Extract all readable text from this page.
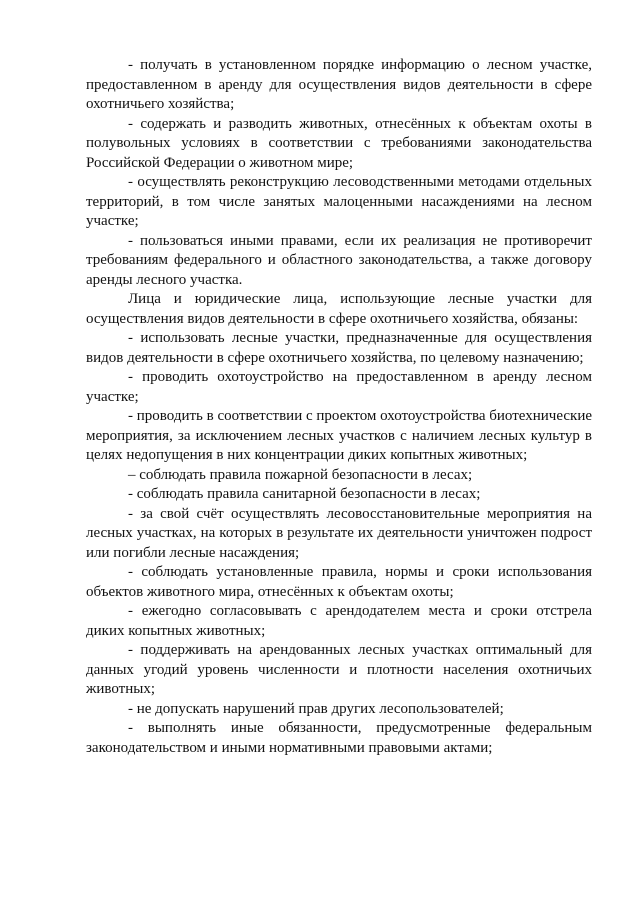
- получать в установленном порядке информацию о лесном участке, предоставленном в аренду для осуществления видов деятельности в сфере охотничьего хозяйства;

- содержать и разводить животных, отнесённых к объектам охоты в полувольных условиях в соответствии с требованиями законодательства Российской Федерации о животном мире;

- осуществлять реконструкцию лесоводственными методами отдельных территорий, в том числе занятых малоценными насаждениями на лесном участке;

- пользоваться иными правами, если их реализация не противоречит требованиям федерального и областного законодательства, а также договору аренды лесного участка.

Лица и юридические лица, использующие лесные участки для осуществления видов деятельности в сфере охотничьего хозяйства, обязаны:

- использовать лесные участки, предназначенные для осуществления видов деятельности в сфере охотничьего хозяйства, по целевому назначению;

- проводить охотоустройство на предоставленном в аренду лесном участке;

- проводить в соответствии с проектом охотоустройства биотехнические мероприятия, за исключением лесных участков с наличием лесных культур в целях недопущения в них концентрации диких копытных животных;

– соблюдать правила пожарной безопасности в лесах;

- соблюдать правила санитарной безопасности в лесах;

- за свой счёт осуществлять лесовосстановительные мероприятия на лесных участках, на которых в результате их деятельности уничтожен подрост или погибли лесные насаждения;

- соблюдать установленные правила, нормы и сроки использования объектов животного мира, отнесённых к объектам охоты;

- ежегодно согласовывать с арендодателем места и сроки отстрела диких копытных животных;

- поддерживать на арендованных лесных участках оптимальный для данных угодий уровень численности и плотности населения охотничьих животных;

- не допускать нарушений прав других лесопользователей;

- выполнять иные обязанности, предусмотренные федеральным законодательством и иными нормативными правовыми актами;
